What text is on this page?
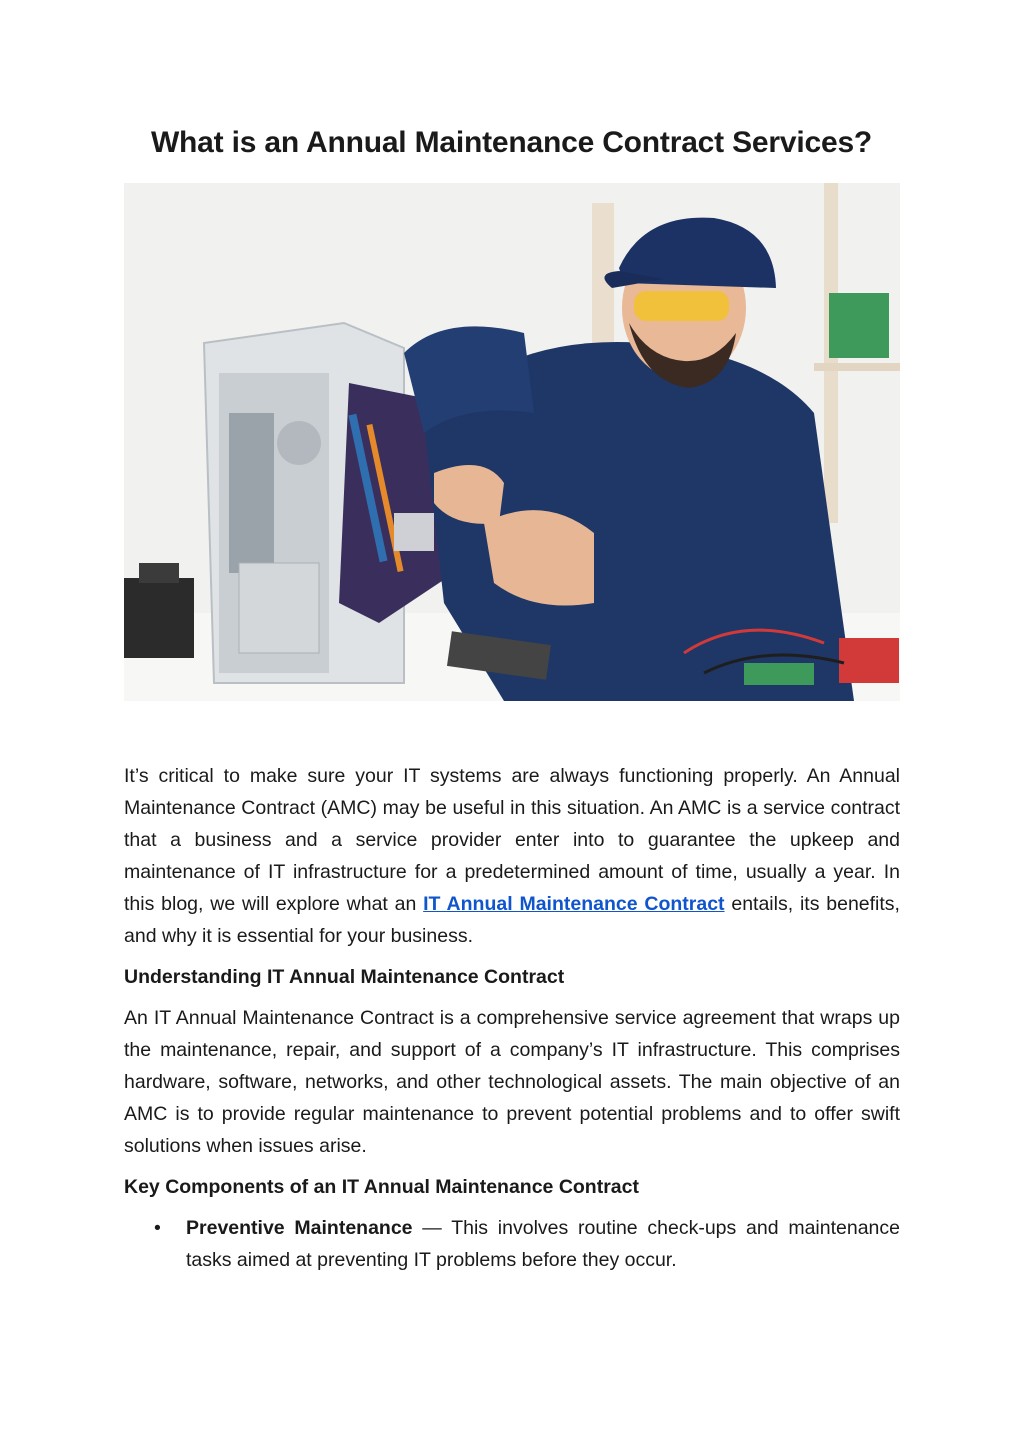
What is an Annual Maintenance Contract Services?

It’s critical to make sure your IT systems are always functioning properly. An Annual Maintenance Contract (AMC) may be useful in this situation. An AMC is a service contract that a business and a service provider enter into to guarantee the upkeep and maintenance of IT infrastructure for a predetermined amount of time, usually a year. In this blog, we will explore what an IT Annual Maintenance Contract entails, its benefits, and why it is essential for your business.

Understanding IT Annual Maintenance Contract

An IT Annual Maintenance Contract is a comprehensive service agreement that wraps up the maintenance, repair, and support of a company’s IT infrastructure. This comprises hardware, software, networks, and other technological assets. The main objective of an AMC is to provide regular maintenance to prevent potential problems and to offer swift solutions when issues arise.

Key Components of an IT Annual Maintenance Contract
• Preventive Maintenance — This involves routine check-ups and maintenance tasks aimed at preventing IT problems before they occur.
